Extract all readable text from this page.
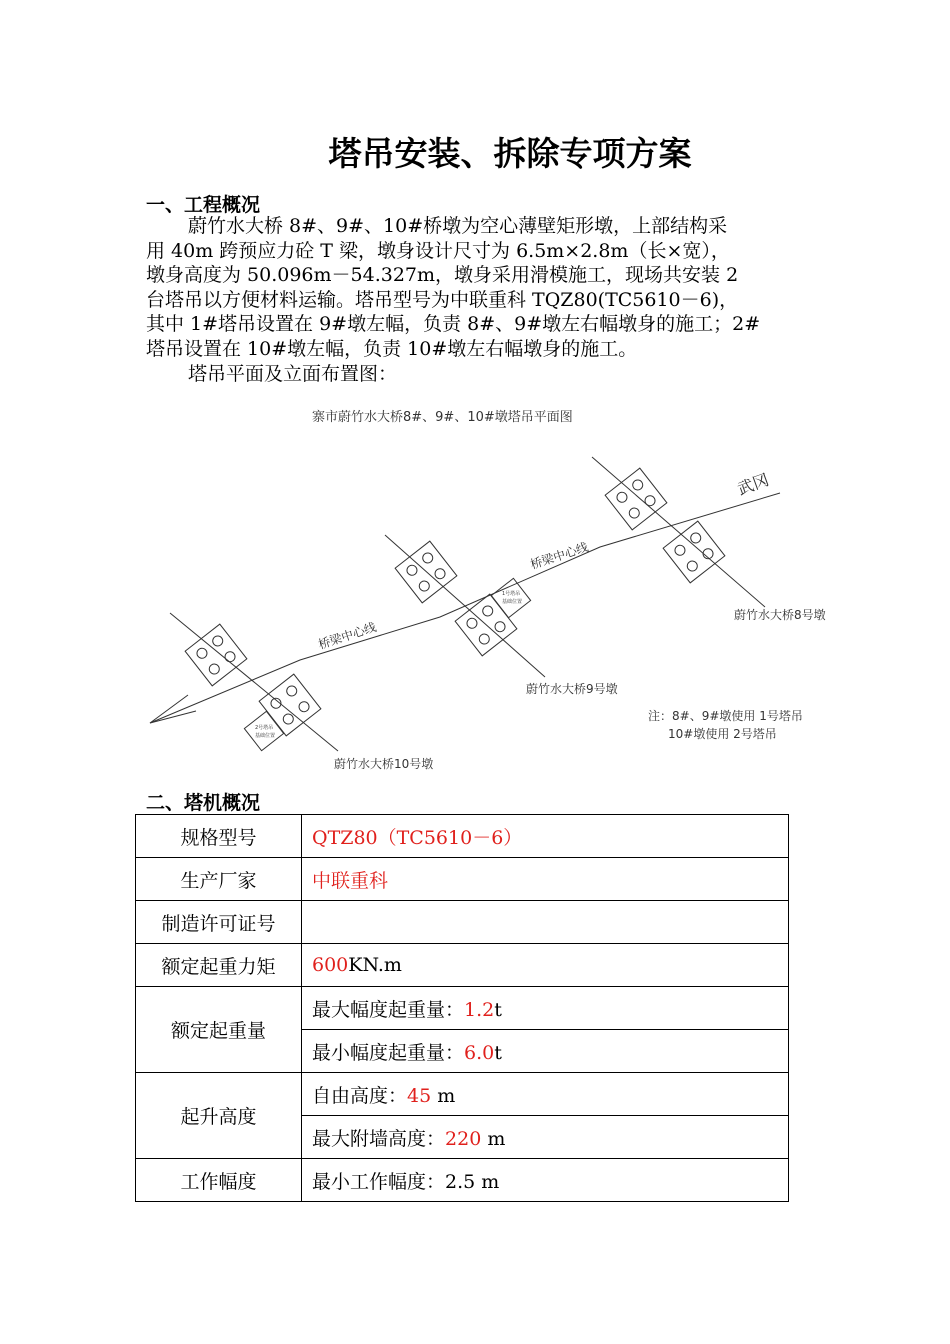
塔吊安装、拆除专项方案
一、工程概况

蔚竹水大桥 8#、9#、10#桥墩为空心薄壁矩形墩，上部结构采

用 40m 跨预应力砼 T 梁，墩身设计尺寸为 6.5m×2.8m（长×宽），

墩身高度为 50.096m－54.327m，墩身采用滑模施工，现场共安装 2

台塔吊以方便材料运输。塔吊型号为中联重科 TQZ80(TC5610－6)，

其中 1#塔吊设置在 9#墩左幅，负责 8#、9#墩左右幅墩身的施工；2#

塔吊设置在 10#墩左幅，负责 10#墩左右幅墩身的施工。

塔吊平面及立面布置图：

寨市蔚竹水大桥8#、9#、10#墩塔吊平面图
武冈
桥梁中心线
桥梁中心线
1号塔吊
基础位置
2号塔吊
基础位置
蔚竹水大桥8号墩
蔚竹水大桥9号墩
蔚竹水大桥10号墩
注：8#、9#墩使用 1号塔吊
10#墩使用 2号塔吊
二、塔机概况
规格型号	QTZ80（TC5610－6）
生产厂家	中联重科
制造许可证号	
额定起重力矩	600KN.m
额定起重量	最大幅度起重量：1.2t
	最小幅度起重量：6.0t
起升高度	自由高度：45 m
	最大附墙高度：220 m
工作幅度	最小工作幅度：2.5 m
